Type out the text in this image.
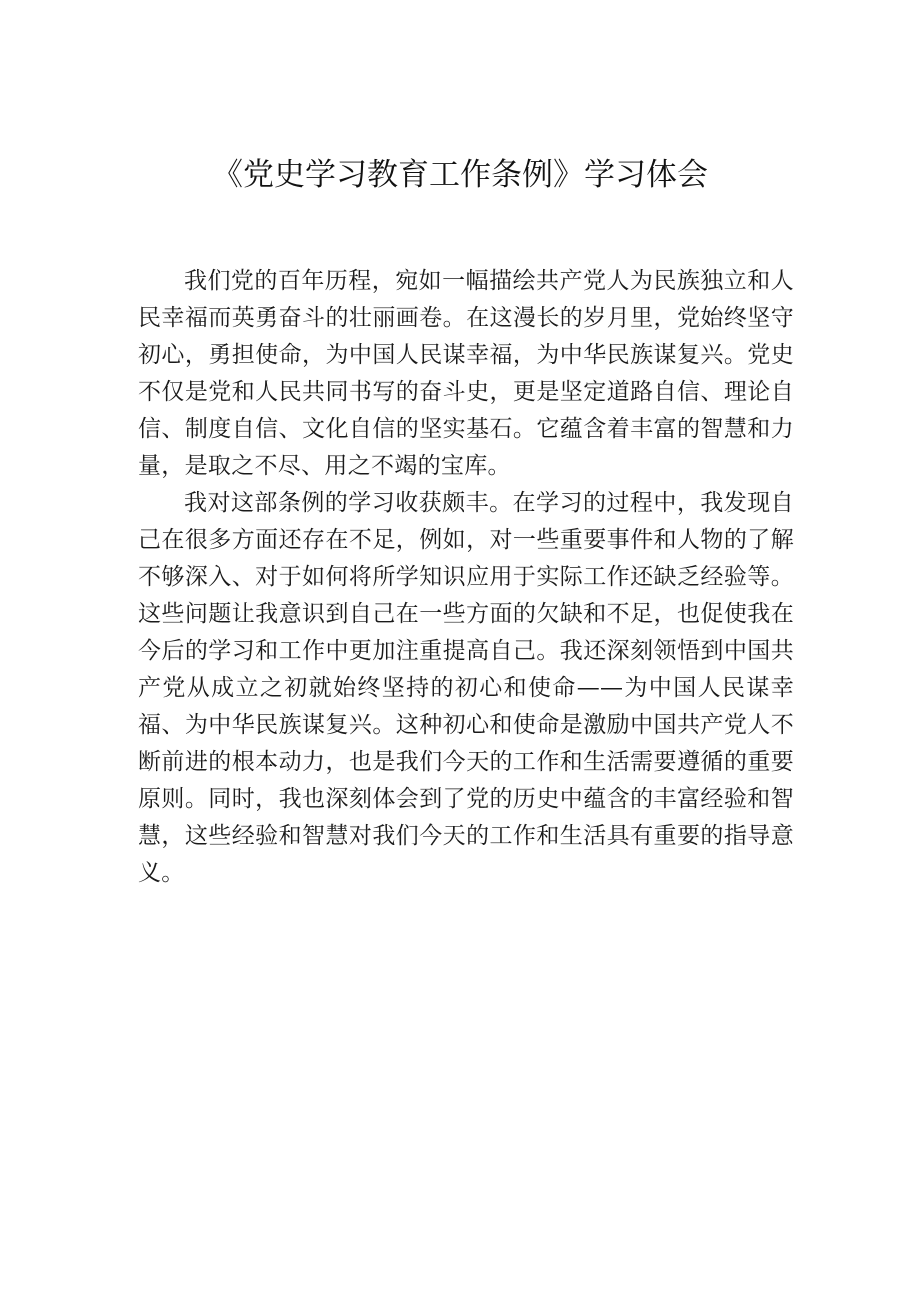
《党史学习教育工作条例》学习体会

我们党的百年历程，宛如一幅描绘共产党人为民族独立和人民幸福而英勇奋斗的壮丽画卷。在这漫长的岁月里，党始终坚守初心，勇担使命，为中国人民谋幸福，为中华民族谋复兴。党史不仅是党和人民共同书写的奋斗史，更是坚定道路自信、理论自信、制度自信、文化自信的坚实基石。它蕴含着丰富的智慧和力量，是取之不尽、用之不竭的宝库。

我对这部条例的学习收获颇丰。在学习的过程中，我发现自己在很多方面还存在不足，例如，对一些重要事件和人物的了解不够深入、对于如何将所学知识应用于实际工作还缺乏经验等。这些问题让我意识到自己在一些方面的欠缺和不足，也促使我在今后的学习和工作中更加注重提高自己。我还深刻领悟到中国共产党从成立之初就始终坚持的初心和使命——为中国人民谋幸福、为中华民族谋复兴。这种初心和使命是激励中国共产党人不断前进的根本动力，也是我们今天的工作和生活需要遵循的重要原则。同时，我也深刻体会到了党的历史中蕴含的丰富经验和智慧，这些经验和智慧对我们今天的工作和生活具有重要的指导意义。
